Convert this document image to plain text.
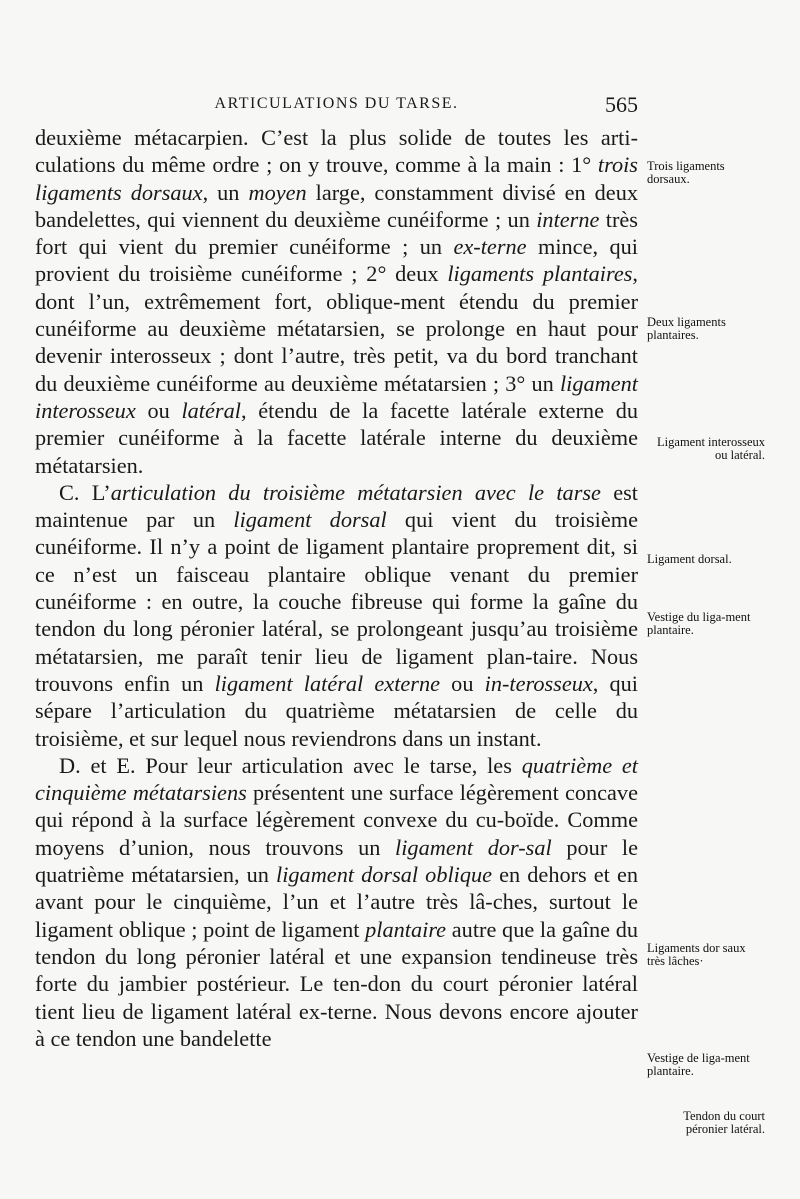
ARTICULATIONS DU TARSE.	565

deuxième métacarpien. C’est la plus solide de toutes les arti-culations du même ordre ; on y trouve, comme à la main : 1° trois ligaments dorsaux, un moyen large, constamment divisé en deux bandelettes, qui viennent du deuxième cunéiforme ; un interne très fort qui vient du premier cunéiforme ; un ex-terne mince, qui provient du troisième cunéiforme ; 2° deux ligaments plantaires, dont l’un, extrêmement fort, oblique-ment étendu du premier cunéiforme au deuxième métatarsien, se prolonge en haut pour devenir interosseux ; dont l’autre, très petit, va du bord tranchant du deuxième cunéiforme au deuxième métatarsien ; 3° un ligament interosseux ou latéral, étendu de la facette latérale externe du premier cunéiforme à la facette latérale interne du deuxième métatarsien.

C. L’articulation du troisième métatarsien avec le tarse est maintenue par un ligament dorsal qui vient du troisième cunéiforme. Il n’y a point de ligament plantaire proprement dit, si ce n’est un faisceau plantaire oblique venant du premier cunéiforme : en outre, la couche fibreuse qui forme la gaîne du tendon du long péronier latéral, se prolongeant jusqu’au troisième métatarsien, me paraît tenir lieu de ligament plan-taire. Nous trouvons enfin un ligament latéral externe ou in-terosseux, qui sépare l’articulation du quatrième métatarsien de celle du troisième, et sur lequel nous reviendrons dans un instant.

D. et E. Pour leur articulation avec le tarse, les quatrième et cinquième métatarsiens présentent une surface légèrement concave qui répond à la surface légèrement convexe du cu-boïde. Comme moyens d’union, nous trouvons un ligament dor-sal pour le quatrième métatarsien, un ligament dorsal oblique en dehors et en avant pour le cinquième, l’un et l’autre très lâ-ches, surtout le ligament oblique ; point de ligament plantaire autre que la gaîne du tendon du long péronier latéral et une expansion tendineuse très forte du jambier postérieur. Le ten-don du court péronier latéral tient lieu de ligament latéral ex-terne. Nous devons encore ajouter à ce tendon une bandelette

Trois ligaments dorsaux.
Deux ligaments plantaires.
Ligament interosseux ou latéral.
Ligament dorsal.
Vestige du liga-ment plantaire.
Ligaments dor saux très lâches·
Vestige de liga-ment plantaire.
Tendon du court péronier latéral.
